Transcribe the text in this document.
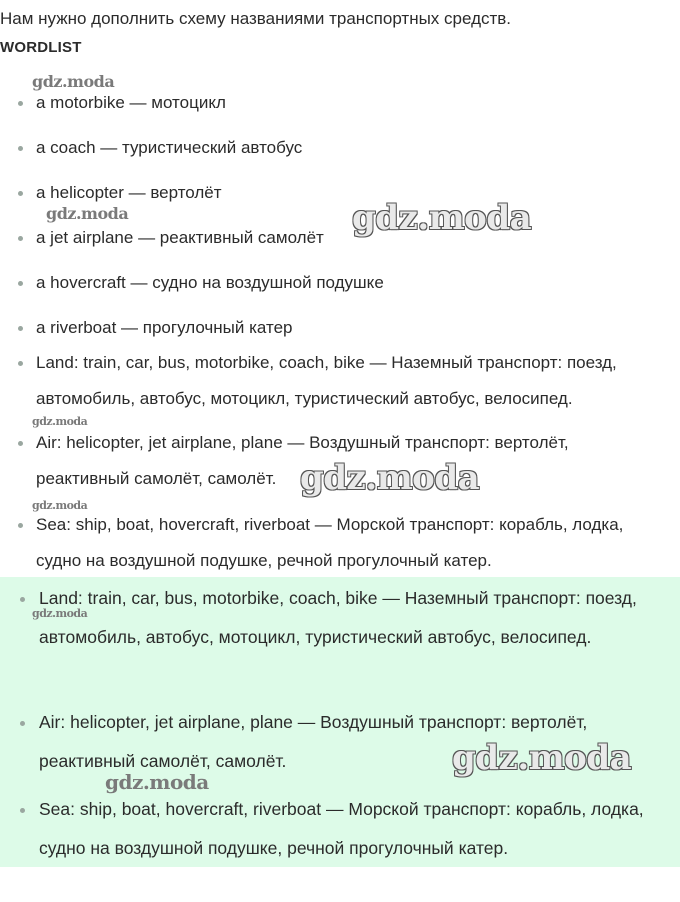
Нам нужно дополнить схему названиями транспортных средств.
WORDLIST
a motorbike — мотоцикл
a coach — туристический автобус
a helicopter — вертолёт
a jet airplane — реактивный самолёт
a hovercraft — судно на воздушной подушке
a riverboat — прогулочный катер
Land: train, car, bus, motorbike, coach, bike — Наземный транспорт: поезд, автомобиль, автобус, мотоцикл, туристический автобус, велосипед.
Air: helicopter, jet airplane, plane — Воздушный транспорт: вертолёт, реактивный самолёт, самолёт.
Sea: ship, boat, hovercraft, riverboat — Морской транспорт: корабль, лодка, судно на воздушной подушке, речной прогулочный катер.
Land: train, car, bus, motorbike, coach, bike — Наземный транспорт: поезд, автомобиль, автобус, мотоцикл, туристический автобус, велосипед.
Air: helicopter, jet airplane, plane — Воздушный транспорт: вертолёт, реактивный самолёт, самолёт.
Sea: ship, boat, hovercraft, riverboat — Морской транспорт: корабль, лодка, судно на воздушной подушке, речной прогулочный катер.
gdz.moda
gdz.moda	gdz.moda
gdz.moda
gdz.moda
gdz.moda
gdz.moda
gdz.moda
gdz.moda
